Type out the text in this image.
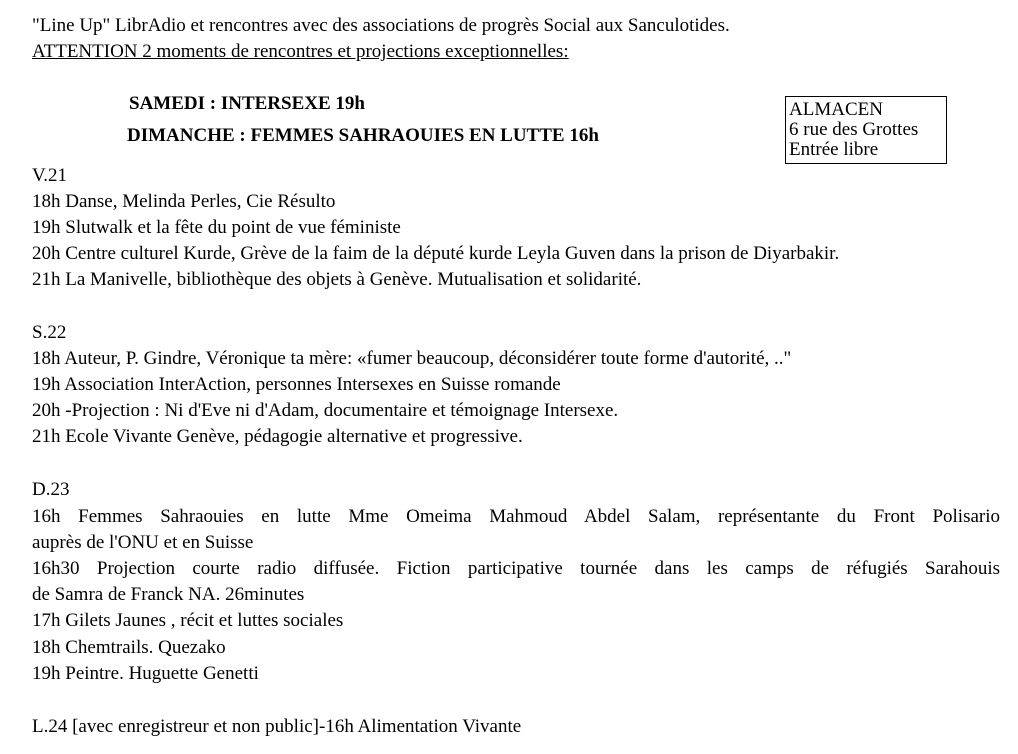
"Line Up" LibrAdio et rencontres avec des associations de progrès Social aux Sanculotides.
ATTENTION 2 moments de rencontres et projections exceptionnelles:
SAMEDI : INTERSEXE 19h
DIMANCHE : FEMMES SAHRAOUIES EN LUTTE 16h
ALMACEN
6 rue des Grottes
Entrée libre
V.21
18h Danse, Melinda Perles, Cie Résulto
19h Slutwalk et la fête du point de vue féministe
20h Centre culturel Kurde, Grève de la faim de la député kurde Leyla Guven dans la prison de Diyarbakir.
21h La Manivelle, bibliothèque des objets à Genève. Mutualisation et solidarité.
S.22
18h Auteur, P. Gindre, Véronique ta mère: «fumer beaucoup, déconsidérer toute forme d'autorité, .."
19h Association InterAction, personnes Intersexes en Suisse romande
20h -Projection : Ni d'Eve ni d'Adam, documentaire et témoignage Intersexe.
21h Ecole Vivante Genève, pédagogie alternative et progressive.
D.23
16h Femmes Sahraouies en lutte Mme Omeima Mahmoud Abdel Salam, représentante du Front Polisario
auprès de l'ONU et en Suisse
16h30 Projection courte radio diffusée. Fiction participative tournée dans les camps de réfugiés Sarahouis
de Samra de Franck NA. 26minutes
17h Gilets Jaunes , récit et luttes sociales
18h Chemtrails. Quezako
19h Peintre. Huguette Genetti
L.24 [avec enregistreur et non public]-16h Alimentation Vivante
